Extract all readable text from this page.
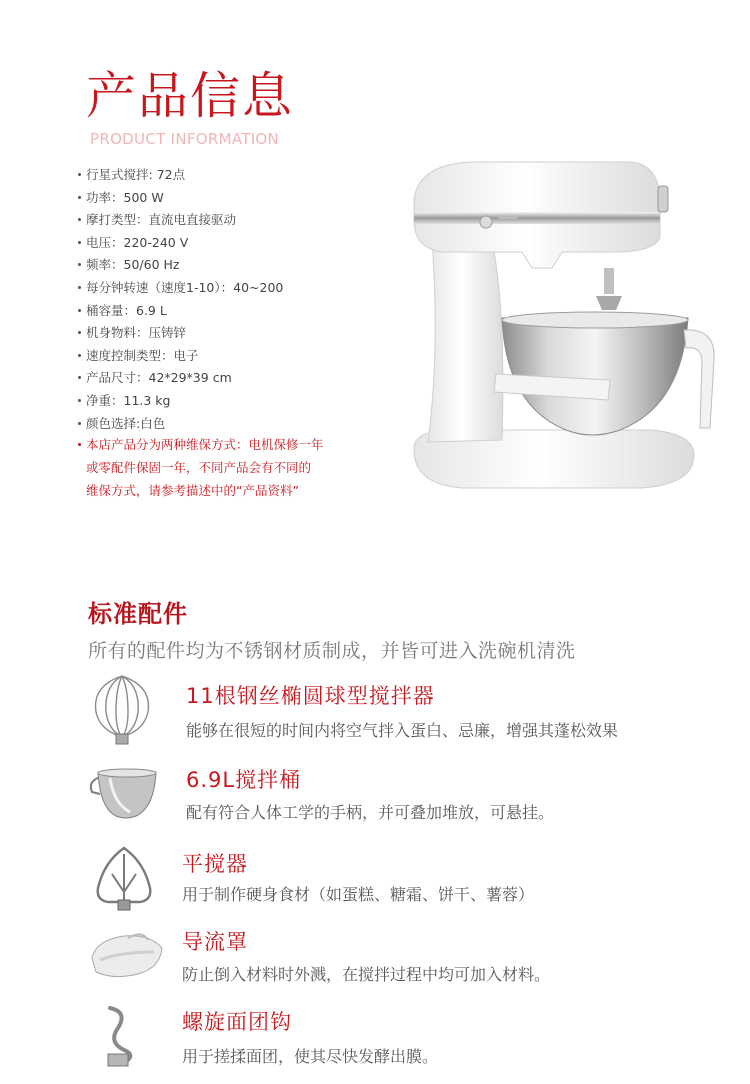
产品信息
PRODUCT INFORMATION
行星式搅拌: 72点
功率：500 W
摩打类型：直流电直接驱动
电压：220-240 V
频率：50/60 Hz
每分钟转速（速度1-10）：40~200
桶容量：6.9 L
机身物料：压铸锌
速度控制类型：电子
产品尺寸：42*29*39 cm
净重：11.3 kg
颜色选择:白色
本店产品分为两种维保方式：电机保修一年
或零配件保固一年，不同产品会有不同的
维保方式，请参考描述中的“产品资料”
标准配件
所有的配件均为不锈钢材质制成，并皆可进入洗碗机清洗
11根钢丝椭圆球型搅拌器
能够在很短的时间内将空气拌入蛋白、忌廉，增强其蓬松效果
6.9L搅拌桶
配有符合人体工学的手柄，并可叠加堆放，可悬挂。
平搅器
用于制作硬身食材（如蛋糕、糖霜、饼干、薯蓉）
导流罩
防止倒入材料时外溅，在搅拌过程中均可加入材料。
螺旋面团钩
用于搓揉面团，使其尽快发酵出膜。
